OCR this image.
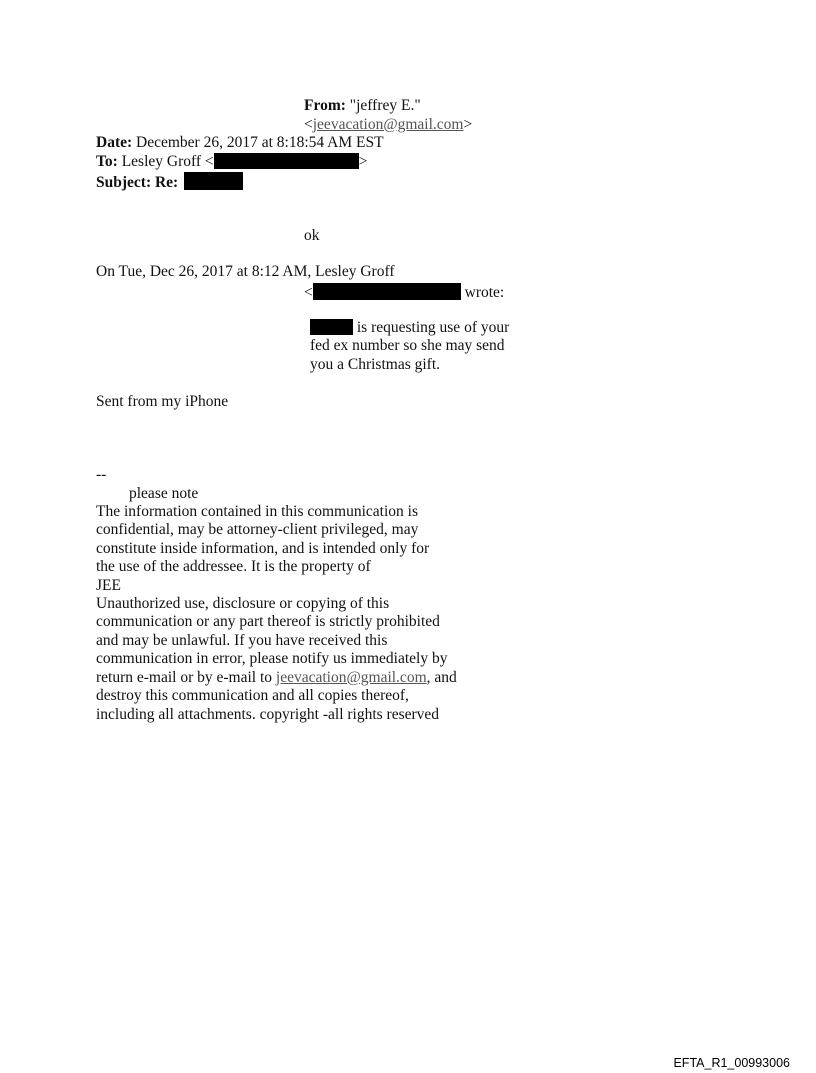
From: "jeffrey E."
<jeevacation@gmail.com>
Date: December 26, 2017 at 8:18:54 AM EST
To: Lesley Groff <	>
Subject: Re:
ok
On Tue, Dec 26, 2017 at 8:12 AM, Lesley Groff
<	wrote:
is requesting use of your
fed ex number so she may send
you a Christmas gift.
Sent from my iPhone
--
please note
The information contained in this communication is
confidential, may be attorney-client privileged, may
constitute inside information, and is intended only for
the use of the addressee. It is the property of
JEE
Unauthorized use, disclosure or copying of this
communication or any part thereof is strictly prohibited
and may be unlawful. If you have received this
communication in error, please notify us immediately by
return e-mail or by e-mail to jeevacation@gmail.com, and
destroy this communication and all copies thereof,
including all attachments. copyright -all rights reserved
EFTA_R1_00993006
